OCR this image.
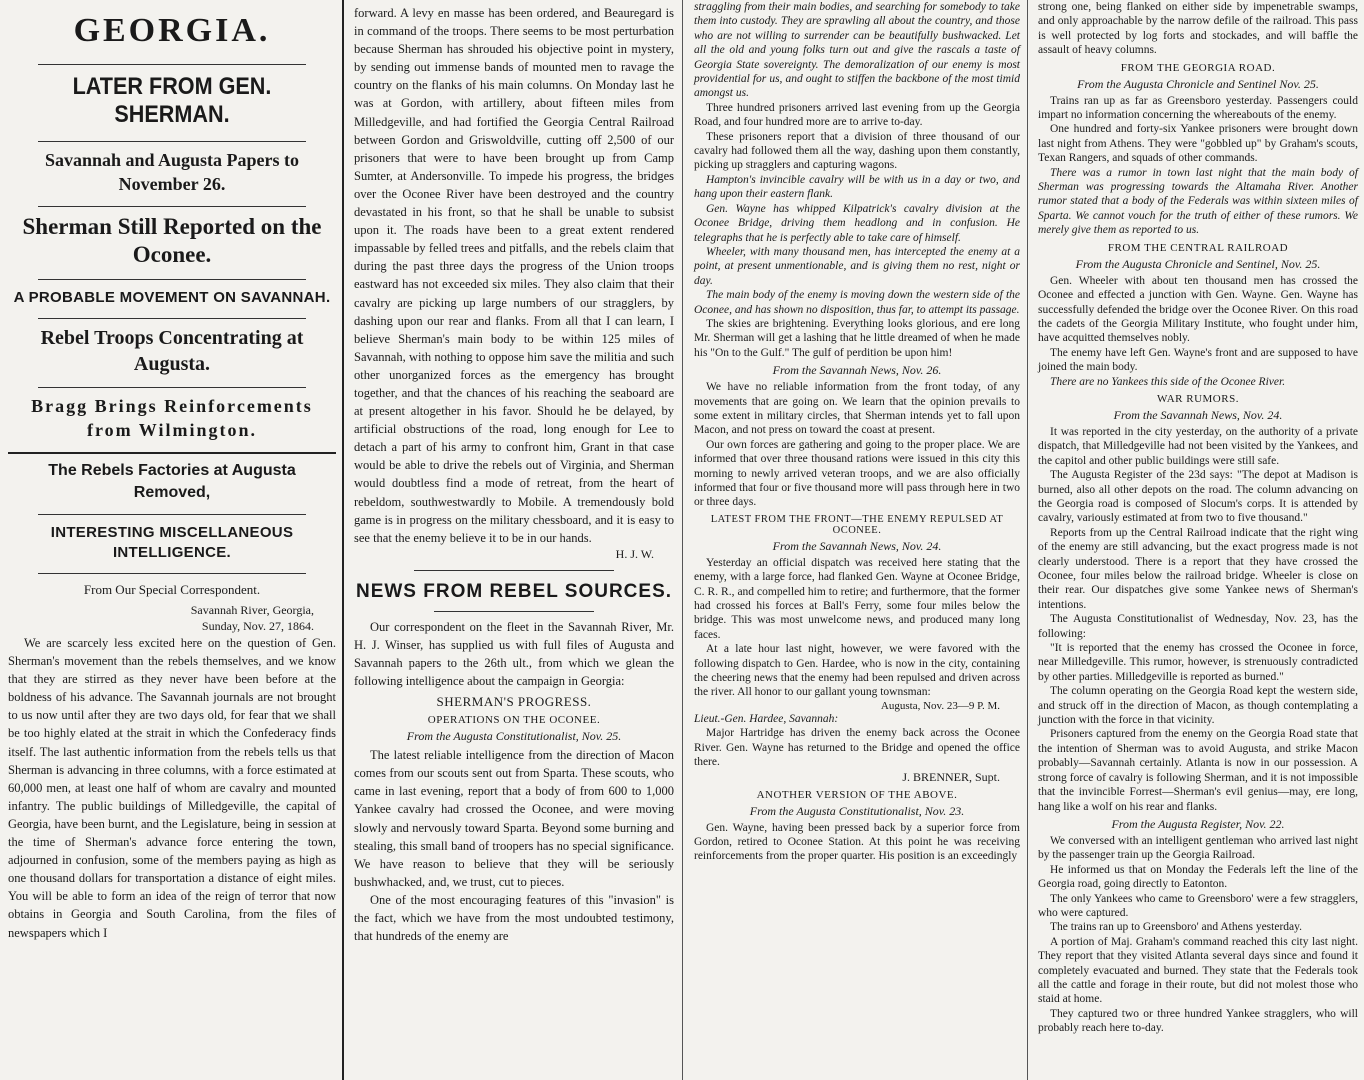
GEORGIA.
LATER FROM GEN. SHERMAN.
Savannah and Augusta Papers to November 26.
Sherman Still Reported on the Oconee.
A PROBABLE MOVEMENT ON SAVANNAH.
Rebel Troops Concentrating at Augusta.
Bragg Brings Reinforcements from Wilmington.
The Rebels Factories at Augusta Removed,
INTERESTING MISCELLANEOUS INTELLIGENCE.

From Our Special Correspondent.

Savannah River, Georgia,

Sunday, Nov. 27, 1864.

We are scarcely less excited here on the question of Gen. Sherman's movement than the rebels themselves, and we know that they are stirred as they never have been before at the boldness of his advance. The Savannah journals are not brought to us now until after they are two days old, for fear that we shall be too highly elated at the strait in which the Confederacy finds itself. The last authentic information from the rebels tells us that Sherman is advancing in three columns, with a force estimated at 60,000 men, at least one half of whom are cavalry and mounted infantry. The public buildings of Milledgeville, the capital of Georgia, have been burnt, and the Legislature, being in session at the time of Sherman's advance force entering the town, adjourned in confusion, some of the members paying as high as one thousand dollars for transportation a distance of eight miles. You will be able to form an idea of the reign of terror that now obtains in Georgia and South Carolina, from the files of newspapers which I

forward. A levy en masse has been ordered, and Beauregard is in command of the troops. There seems to be most perturbation because Sherman has shrouded his objective point in mystery, by sending out immense bands of mounted men to ravage the country on the flanks of his main columns. On Monday last he was at Gordon, with artillery, about fifteen miles from Milledgeville, and had fortified the Georgia Central Railroad between Gordon and Griswoldville, cutting off 2,500 of our prisoners that were to have been brought up from Camp Sumter, at Andersonville. To impede his progress, the bridges over the Oconee River have been destroyed and the country devastated in his front, so that he shall be unable to subsist upon it. The roads have been to a great extent rendered impassable by felled trees and pitfalls, and the rebels claim that during the past three days the progress of the Union troops eastward has not exceeded six miles. They also claim that their cavalry are picking up large numbers of our stragglers, by dashing upon our rear and flanks. From all that I can learn, I believe Sherman's main body to be within 125 miles of Savannah, with nothing to oppose him save the militia and such other unorganized forces as the emergency has brought together, and that the chances of his reaching the seaboard are at present altogether in his favor. Should he be delayed, by artificial obstructions of the road, long enough for Lee to detach a part of his army to confront him, Grant in that case would be able to drive the rebels out of Virginia, and Sherman would doubtless find a mode of retreat, from the heart of rebeldom, southwestwardly to Mobile. A tremendously bold game is in progress on the military chessboard, and it is easy to see that the enemy believe it to be in our hands.

H. J. W.

NEWS FROM REBEL SOURCES.

Our correspondent on the fleet in the Savannah River, Mr. H. J. Winser, has supplied us with full files of Augusta and Savannah papers to the 26th ult., from which we glean the following intelligence about the campaign in Georgia:

SHERMAN'S PROGRESS.

OPERATIONS ON THE OCONEE.

From the Augusta Constitutionalist, Nov. 25.

The latest reliable intelligence from the direction of Macon comes from our scouts sent out from Sparta. These scouts, who came in last evening, report that a body of from 600 to 1,000 Yankee cavalry had crossed the Oconee, and were moving slowly and nervously toward Sparta. Beyond some burning and stealing, this small band of troopers has no special significance. We have reason to believe that they will be seriously bushwhacked, and, we trust, cut to pieces.

One of the most encouraging features of this "invasion" is the fact, which we have from the most undoubted testimony, that hundreds of the enemy are

straggling from their main bodies, and searching for somebody to take them into custody. They are sprawling all about the country, and those who are not willing to surrender can be beautifully bushwacked. Let all the old and young folks turn out and give the rascals a taste of Georgia State sovereignty. The demoralization of our enemy is most providential for us, and ought to stiffen the backbone of the most timid amongst us.

Three hundred prisoners arrived last evening from up the Georgia Road, and four hundred more are to arrive to-day.

These prisoners report that a division of three thousand of our cavalry had followed them all the way, dashing upon them constantly, picking up stragglers and capturing wagons.

Hampton's invincible cavalry will be with us in a day or two, and hang upon their eastern flank.

Gen. Wayne has whipped Kilpatrick's cavalry division at the Oconee Bridge, driving them headlong and in confusion. He telegraphs that he is perfectly able to take care of himself.

Wheeler, with many thousand men, has intercepted the enemy at a point, at present unmentionable, and is giving them no rest, night or day.

The main body of the enemy is moving down the western side of the Oconee, and has shown no disposition, thus far, to attempt its passage.

The skies are brightening. Everything looks glorious, and ere long Mr. Sherman will get a lashing that he little dreamed of when he made his "On to the Gulf." The gulf of perdition be upon him!

From the Savannah News, Nov. 26.

We have no reliable information from the front today, of any movements that are going on. We learn that the opinion prevails to some extent in military circles, that Sherman intends yet to fall upon Macon, and not press on toward the coast at present.

Our own forces are gathering and going to the proper place. We are informed that over three thousand rations were issued in this city this morning to newly arrived veteran troops, and we are also officially informed that four or five thousand more will pass through here in two or three days.

LATEST FROM THE FRONT—THE ENEMY REPULSED AT OCONEE.

From the Savannah News, Nov. 24.

Yesterday an official dispatch was received here stating that the enemy, with a large force, had flanked Gen. Wayne at Oconee Bridge, C. R. R., and compelled him to retire; and furthermore, that the former had crossed his forces at Ball's Ferry, some four miles below the bridge. This was most unwelcome news, and produced many long faces.

At a late hour last night, however, we were favored with the following dispatch to Gen. Hardee, who is now in the city, containing the cheering news that the enemy had been repulsed and driven across the river. All honor to our gallant young townsman:

Augusta, Nov. 23—9 P. M.

Lieut.-Gen. Hardee, Savannah:

Major Hartridge has driven the enemy back across the Oconee River. Gen. Wayne has returned to the Bridge and opened the office there.

J. BRENNER, Supt.

ANOTHER VERSION OF THE ABOVE.

From the Augusta Constitutionalist, Nov. 23.

Gen. Wayne, having been pressed back by a superior force from Gordon, retired to Oconee Station. At this point he was receiving reinforcements from the proper quarter. His position is an exceedingly

strong one, being flanked on either side by impenetrable swamps, and only approachable by the narrow defile of the railroad. This pass is well protected by log forts and stockades, and will baffle the assault of heavy columns.

FROM THE GEORGIA ROAD.

From the Augusta Chronicle and Sentinel Nov. 25.

Trains ran up as far as Greensboro yesterday. Passengers could impart no information concerning the whereabouts of the enemy.

One hundred and forty-six Yankee prisoners were brought down last night from Athens. They were "gobbled up" by Graham's scouts, Texan Rangers, and squads of other commands.

There was a rumor in town last night that the main body of Sherman was progressing towards the Altamaha River. Another rumor stated that a body of the Federals was within sixteen miles of Sparta. We cannot vouch for the truth of either of these rumors. We merely give them as reported to us.

FROM THE CENTRAL RAILROAD

From the Augusta Chronicle and Sentinel, Nov. 25.

Gen. Wheeler with about ten thousand men has crossed the Oconee and effected a junction with Gen. Wayne. Gen. Wayne has successfully defended the bridge over the Oconee River. On this road the cadets of the Georgia Military Institute, who fought under him, have acquitted themselves nobly.

The enemy have left Gen. Wayne's front and are supposed to have joined the main body.

There are no Yankees this side of the Oconee River.

WAR RUMORS.

From the Savannah News, Nov. 24.

It was reported in the city yesterday, on the authority of a private dispatch, that Milledgeville had not been visited by the Yankees, and the capitol and other public buildings were still safe.

The Augusta Register of the 23d says: "The depot at Madison is burned, also all other depots on the road. The column advancing on the Georgia road is composed of Slocum's corps. It is attended by cavalry, variously estimated at from two to five thousand."

Reports from up the Central Railroad indicate that the right wing of the enemy are still advancing, but the exact progress made is not clearly understood. There is a report that they have crossed the Oconee, four miles below the railroad bridge. Wheeler is close on their rear. Our dispatches give some Yankee news of Sherman's intentions.

The Augusta Constitutionalist of Wednesday, Nov. 23, has the following:

"It is reported that the enemy has crossed the Oconee in force, near Milledgeville. This rumor, however, is strenuously contradicted by other parties. Milledgeville is reported as burned."

The column operating on the Georgia Road kept the western side, and struck off in the direction of Macon, as though contemplating a junction with the force in that vicinity.

Prisoners captured from the enemy on the Georgia Road state that the intention of Sherman was to avoid Augusta, and strike Macon probably—Savannah certainly. Atlanta is now in our possession. A strong force of cavalry is following Sherman, and it is not impossible that the invincible Forrest—Sherman's evil genius—may, ere long, hang like a wolf on his rear and flanks.

From the Augusta Register, Nov. 22.

We conversed with an intelligent gentleman who arrived last night by the passenger train up the Georgia Railroad.

He informed us that on Monday the Federals left the line of the Georgia road, going directly to Eatonton.

The only Yankees who came to Greensboro' were a few stragglers, who were captured.

The trains ran up to Greensboro' and Athens yesterday.

A portion of Maj. Graham's command reached this city last night. They report that they visited Atlanta several days since and found it completely evacuated and burned. They state that the Federals took all the cattle and forage in their route, but did not molest those who staid at home.

They captured two or three hundred Yankee stragglers, who will probably reach here to-day.
